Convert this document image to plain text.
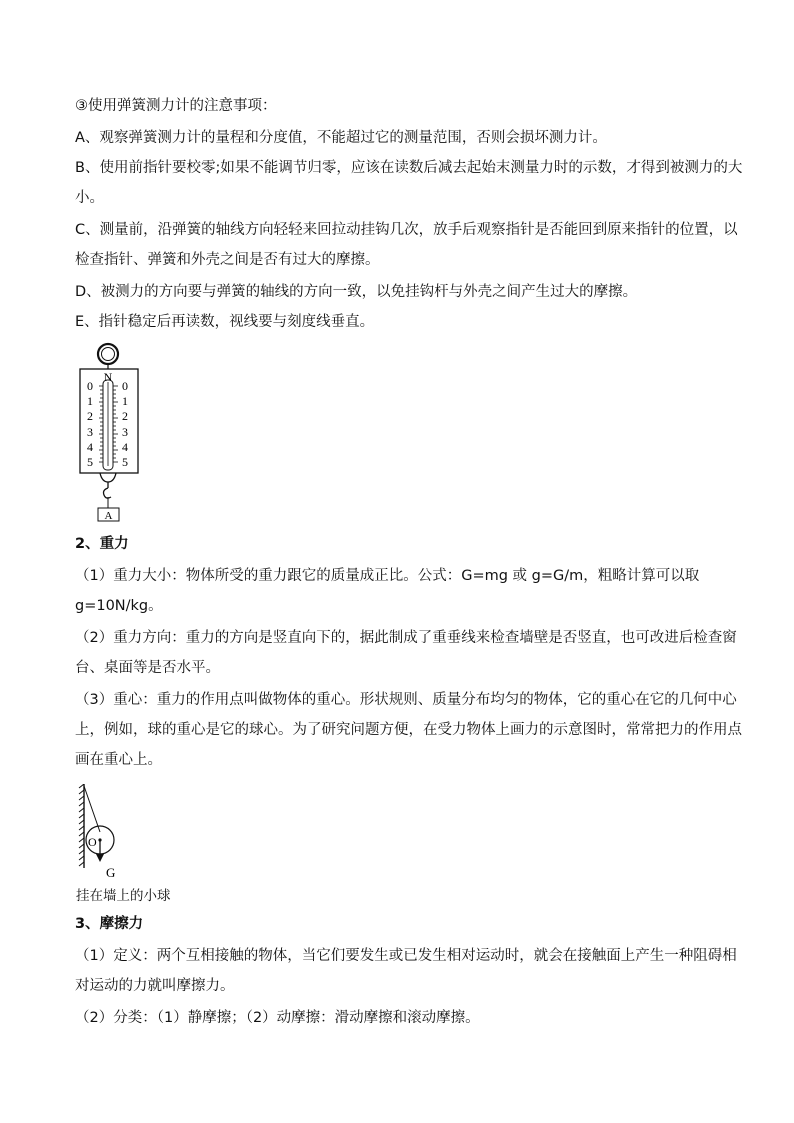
③使用弹簧测力计的注意事项：
A、观察弹簧测力计的量程和分度值，不能超过它的测量范围，否则会损坏测力计。
B、使用前指针要校零;如果不能调节归零，应该在读数后减去起始末测量力时的示数，才得到被测力的大
小。
C、测量前，沿弹簧的轴线方向轻轻来回拉动挂钩几次，放手后观察指针是否能回到原来指针的位置，以
检查指针、弹簧和外壳之间是否有过大的摩擦。
D、被测力的方向要与弹簧的轴线的方向一致，以免挂钩杆与外壳之间产生过大的摩擦。
E、指针稳定后再读数，视线要与刻度线垂直。
N
0
1
2
3
4
5
0
1
2
3
4
5
A
2、重力
（1）重力大小：物体所受的重力跟它的质量成正比。公式：G=mg 或 g=G/m，粗略计算可以取
g=10N/kg。
（2）重力方向：重力的方向是竖直向下的，据此制成了重垂线来检查墙壁是否竖直，也可改进后检查窗
台、桌面等是否水平。
（3）重心：重力的作用点叫做物体的重心。形状规则、质量分布均匀的物体，它的重心在它的几何中心
上，例如，球的重心是它的球心。为了研究问题方便，在受力物体上画力的示意图时，常常把力的作用点
画在重心上。
O
G
挂在墙上的小球
3、摩擦力
（1）定义：两个互相接触的物体，当它们要发生或已发生相对运动时，就会在接触面上产生一种阻碍相
对运动的力就叫摩擦力。
（2）分类：（1）静摩擦；（2）动摩擦：滑动摩擦和滚动摩擦。
